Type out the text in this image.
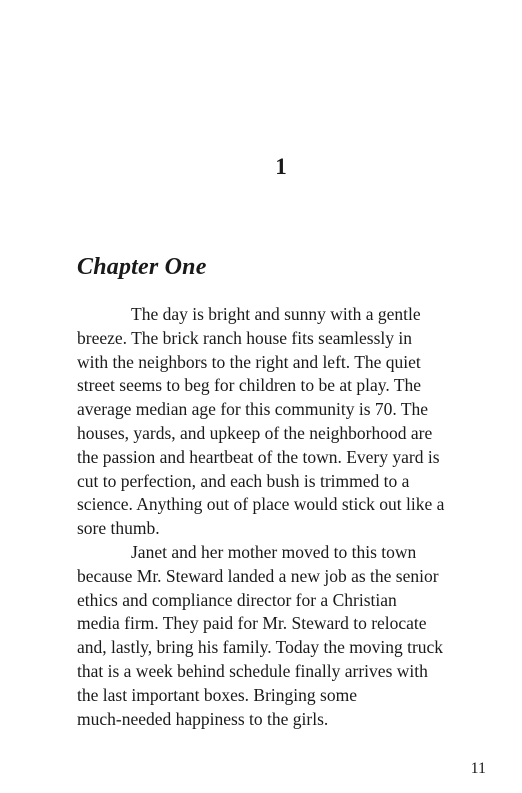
1
Chapter One
The day is bright and sunny with a gentle
breeze. The brick ranch house fits seamlessly in
with the neighbors to the right and left. The quiet
street seems to beg for children to be at play. The
average median age for this community is 70. The
houses, yards, and upkeep of the neighborhood are
the passion and heartbeat of the town. Every yard is
cut to perfection, and each bush is trimmed to a
science. Anything out of place would stick out like a
sore thumb.
Janet and her mother moved to this town
because Mr. Steward landed a new job as the senior
ethics and compliance director for a Christian
media firm. They paid for Mr. Steward to relocate
and, lastly, bring his family. Today the moving truck
that is a week behind schedule finally arrives with
the last important boxes. Bringing some
much-needed happiness to the girls.
11
